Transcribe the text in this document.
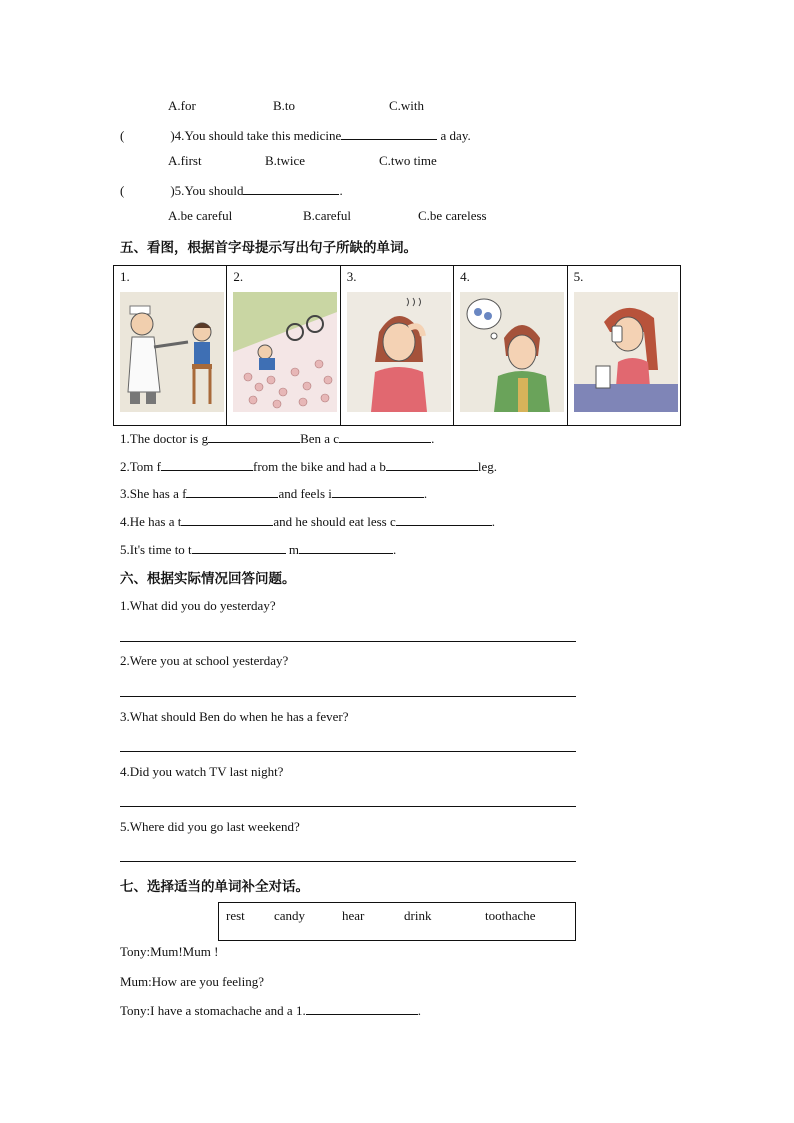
A.for	B.to	C.with
(	)4.You should take this medicine	a day.
A.first	B.twice	C.two time
(	)5.You should	.
A.be careful	B.careful	C.be careless
五、看图，根据首字母提示写出句子所缺的单词。
1.	2.	3.	4.	5.
1.The doctor is g	Ben a c	.
2.Tom f	from the bike and had a b	leg.
3.She has a f	and feels i	.
4.He has a t	and he should eat less c	.
5.It's time to t	m	.
六、根据实际情况回答问题。
1.What did you do yesterday?
2.Were you at school yesterday?
3.What should Ben do when he has a fever?
4.Did you watch TV last night?
5.Where did you go last weekend?
七、选择适当的单词补全对话。
rest candy	hear	drink	toothache
Tony:Mum!Mum !
Mum:How are you feeling?
Tony:I have a stomachache and a 1.	.
